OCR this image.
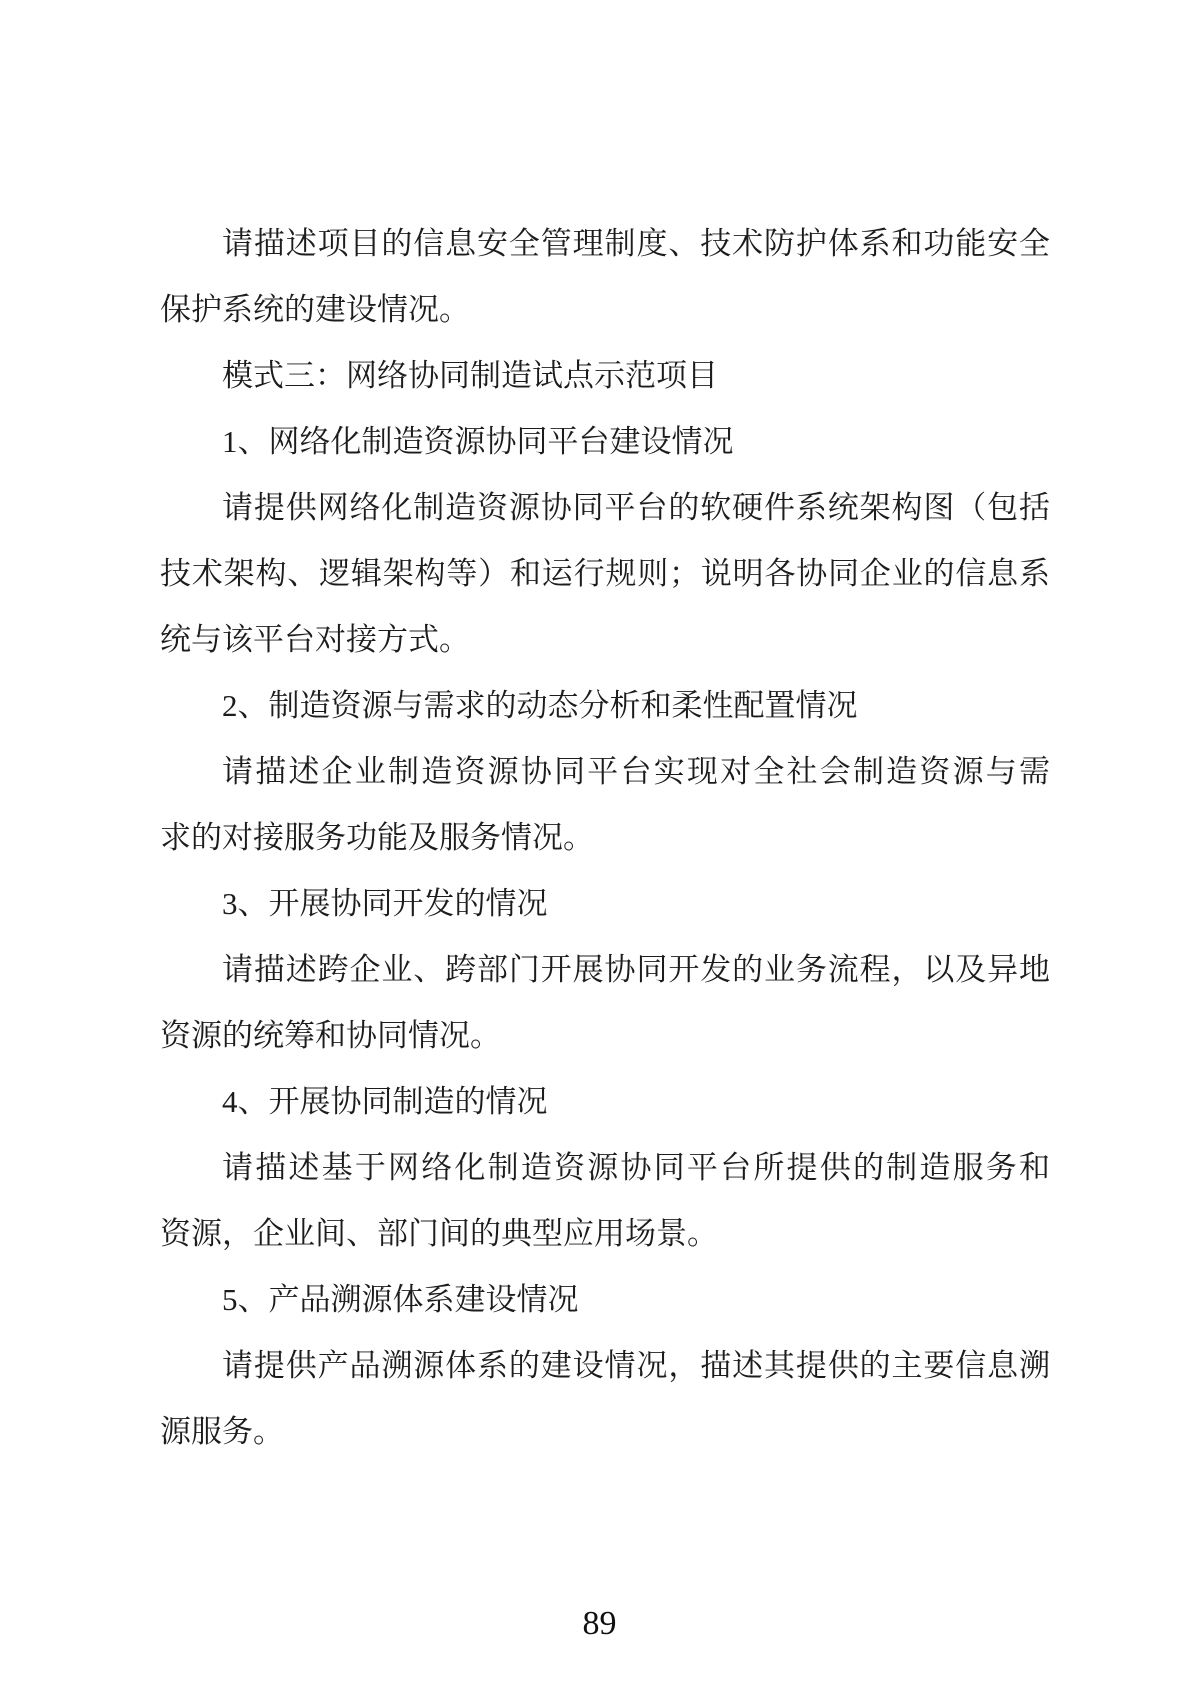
请描述项目的信息安全管理制度、技术防护体系和功能安全
保护系统的建设情况。
模式三：网络协同制造试点示范项目
1、网络化制造资源协同平台建设情况
请提供网络化制造资源协同平台的软硬件系统架构图（包括
技术架构、逻辑架构等）和运行规则；说明各协同企业的信息系
统与该平台对接方式。
2、制造资源与需求的动态分析和柔性配置情况
请描述企业制造资源协同平台实现对全社会制造资源与需
求的对接服务功能及服务情况。
3、开展协同开发的情况
请描述跨企业、跨部门开展协同开发的业务流程，以及异地
资源的统筹和协同情况。
4、开展协同制造的情况
请描述基于网络化制造资源协同平台所提供的制造服务和
资源，企业间、部门间的典型应用场景。
5、产品溯源体系建设情况
请提供产品溯源体系的建设情况，描述其提供的主要信息溯
源服务。
89
